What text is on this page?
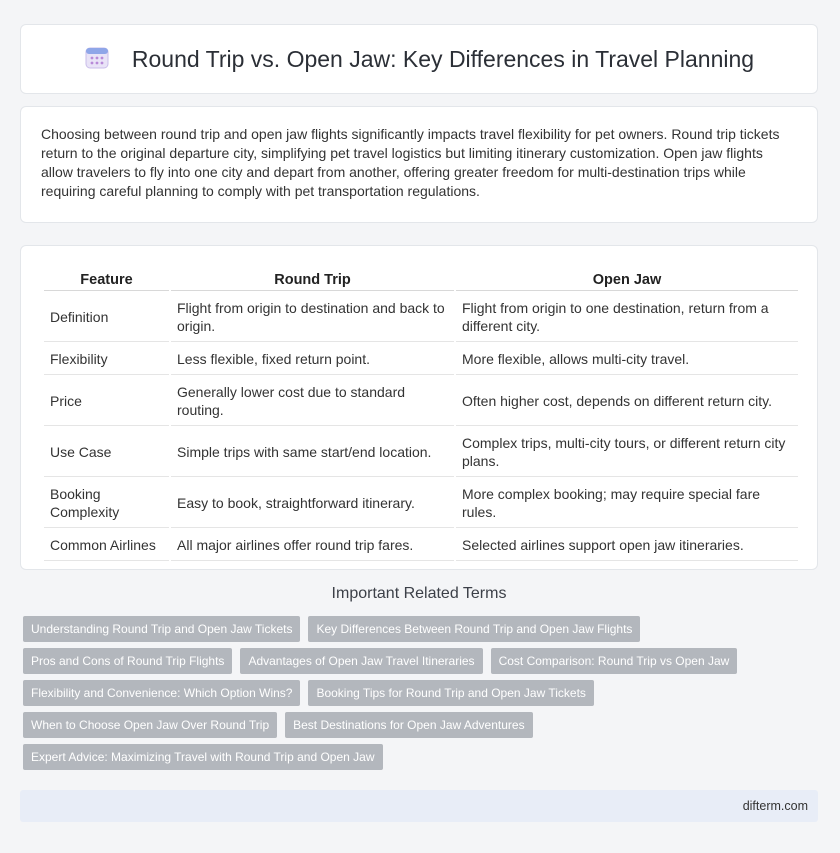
Round Trip vs. Open Jaw: Key Differences in Travel Planning

Choosing between round trip and open jaw flights significantly impacts travel flexibility for pet owners. Round trip tickets return to the original departure city, simplifying pet travel logistics but limiting itinerary customization. Open jaw flights allow travelers to fly into one city and depart from another, offering greater freedom for multi-destination trips while requiring careful planning to comply with pet transportation regulations.

Feature	Round Trip	Open Jaw
Definition	Flight from origin to destination and back to origin.	Flight from origin to one destination, return from a different city.
Flexibility	Less flexible, fixed return point.	More flexible, allows multi-city travel.
Price	Generally lower cost due to standard routing.	Often higher cost, depends on different return city.
Use Case	Simple trips with same start/end location.	Complex trips, multi-city tours, or different return city plans.
Booking Complexity	Easy to book, straightforward itinerary.	More complex booking; may require special fare rules.
Common Airlines	All major airlines offer round trip fares.	Selected airlines support open jaw itineraries.
Important Related Terms
Understanding Round Trip and Open Jaw Tickets	Key Differences Between Round Trip and Open Jaw Flights
Pros and Cons of Round Trip Flights	Advantages of Open Jaw Travel Itineraries	Cost Comparison: Round Trip vs Open Jaw
Flexibility and Convenience: Which Option Wins?	Booking Tips for Round Trip and Open Jaw Tickets
When to Choose Open Jaw Over Round Trip	Best Destinations for Open Jaw Adventures
Expert Advice: Maximizing Travel with Round Trip and Open Jaw
difterm.com
